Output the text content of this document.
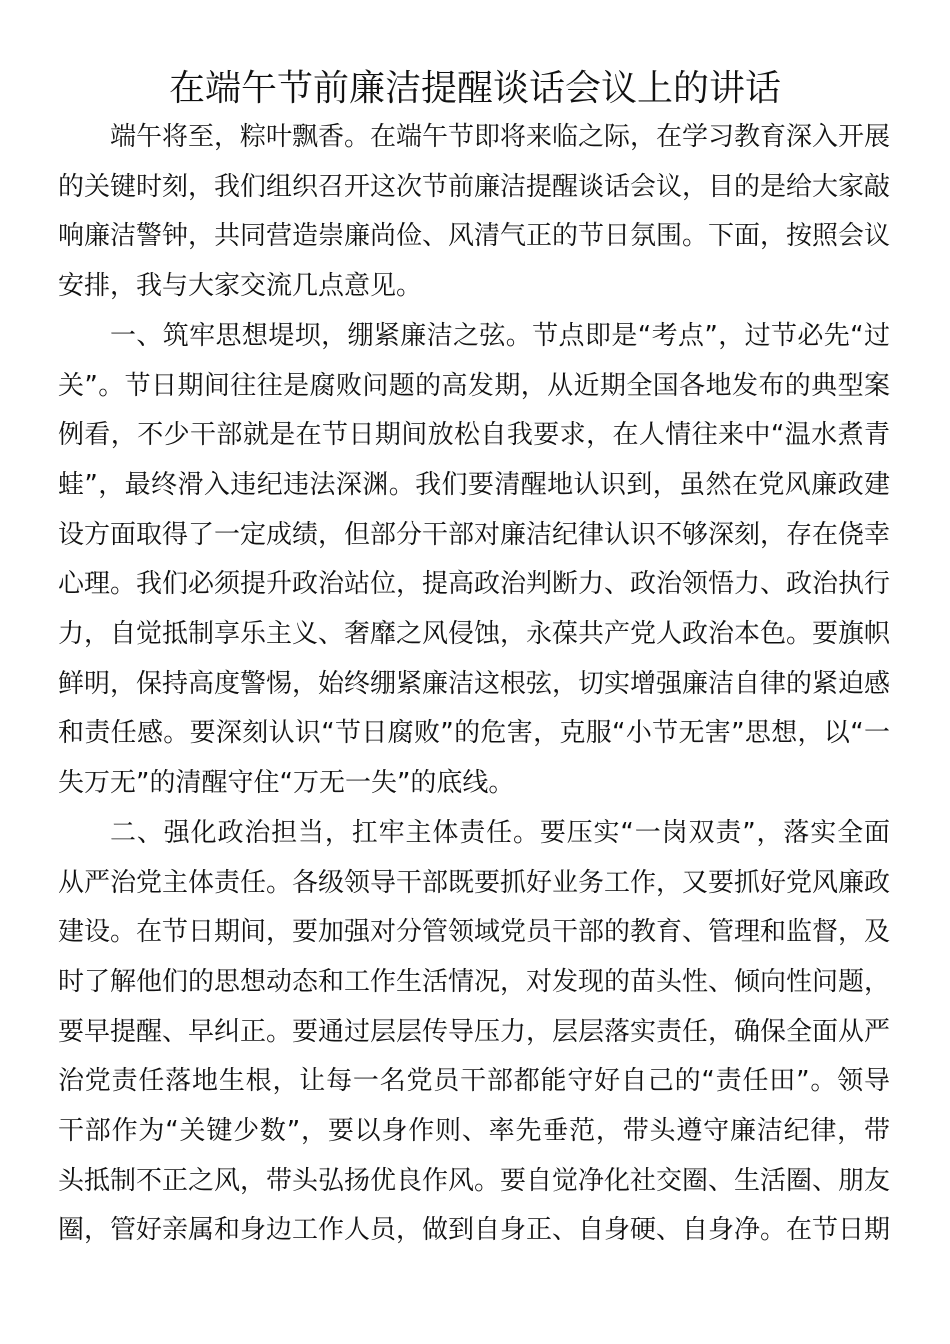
在端午节前廉洁提醒谈话会议上的讲话

端午将至，粽叶飘香。在端午节即将来临之际，在学习教育深入开展的关键时刻，我们组织召开这次节前廉洁提醒谈话会议，目的是给大家敲响廉洁警钟，共同营造崇廉尚俭、风清气正的节日氛围。下面，按照会议安排，我与大家交流几点意见。

一、筑牢思想堤坝，绷紧廉洁之弦。节点即是“考点”，过节必先“过关”。节日期间往往是腐败问题的高发期，从近期全国各地发布的典型案例看，不少干部就是在节日期间放松自我要求，在人情往来中“温水煮青蛙”，最终滑入违纪违法深渊。我们要清醒地认识到，虽然在党风廉政建设方面取得了一定成绩，但部分干部对廉洁纪律认识不够深刻，存在侥幸心理。我们必须提升政治站位，提高政治判断力、政治领悟力、政治执行力，自觉抵制享乐主义、奢靡之风侵蚀，永葆共产党人政治本色。要旗帜鲜明，保持高度警惕，始终绷紧廉洁这根弦，切实增强廉洁自律的紧迫感和责任感。要深刻认识“节日腐败”的危害，克服“小节无害”思想，以“一失万无”的清醒守住“万无一失”的底线。

二、强化政治担当，扛牢主体责任。要压实“一岗双责”，落实全面从严治党主体责任。各级领导干部既要抓好业务工作，又要抓好党风廉政建设。在节日期间，要加强对分管领域党员干部的教育、管理和监督，及时了解他们的思想动态和工作生活情况，对发现的苗头性、倾向性问题，要早提醒、早纠正。要通过层层传导压力，层层落实责任，确保全面从严治党责任落地生根，让每一名党员干部都能守好自己的“责任田”。领导干部作为“关键少数”，要以身作则、率先垂范，带头遵守廉洁纪律，带头抵制不正之风，带头弘扬优良作风。要自觉净化社交圈、生活圈、朋友圈，管好亲属和身边工作人员，做到自身正、自身硬、自身净。在节日期
